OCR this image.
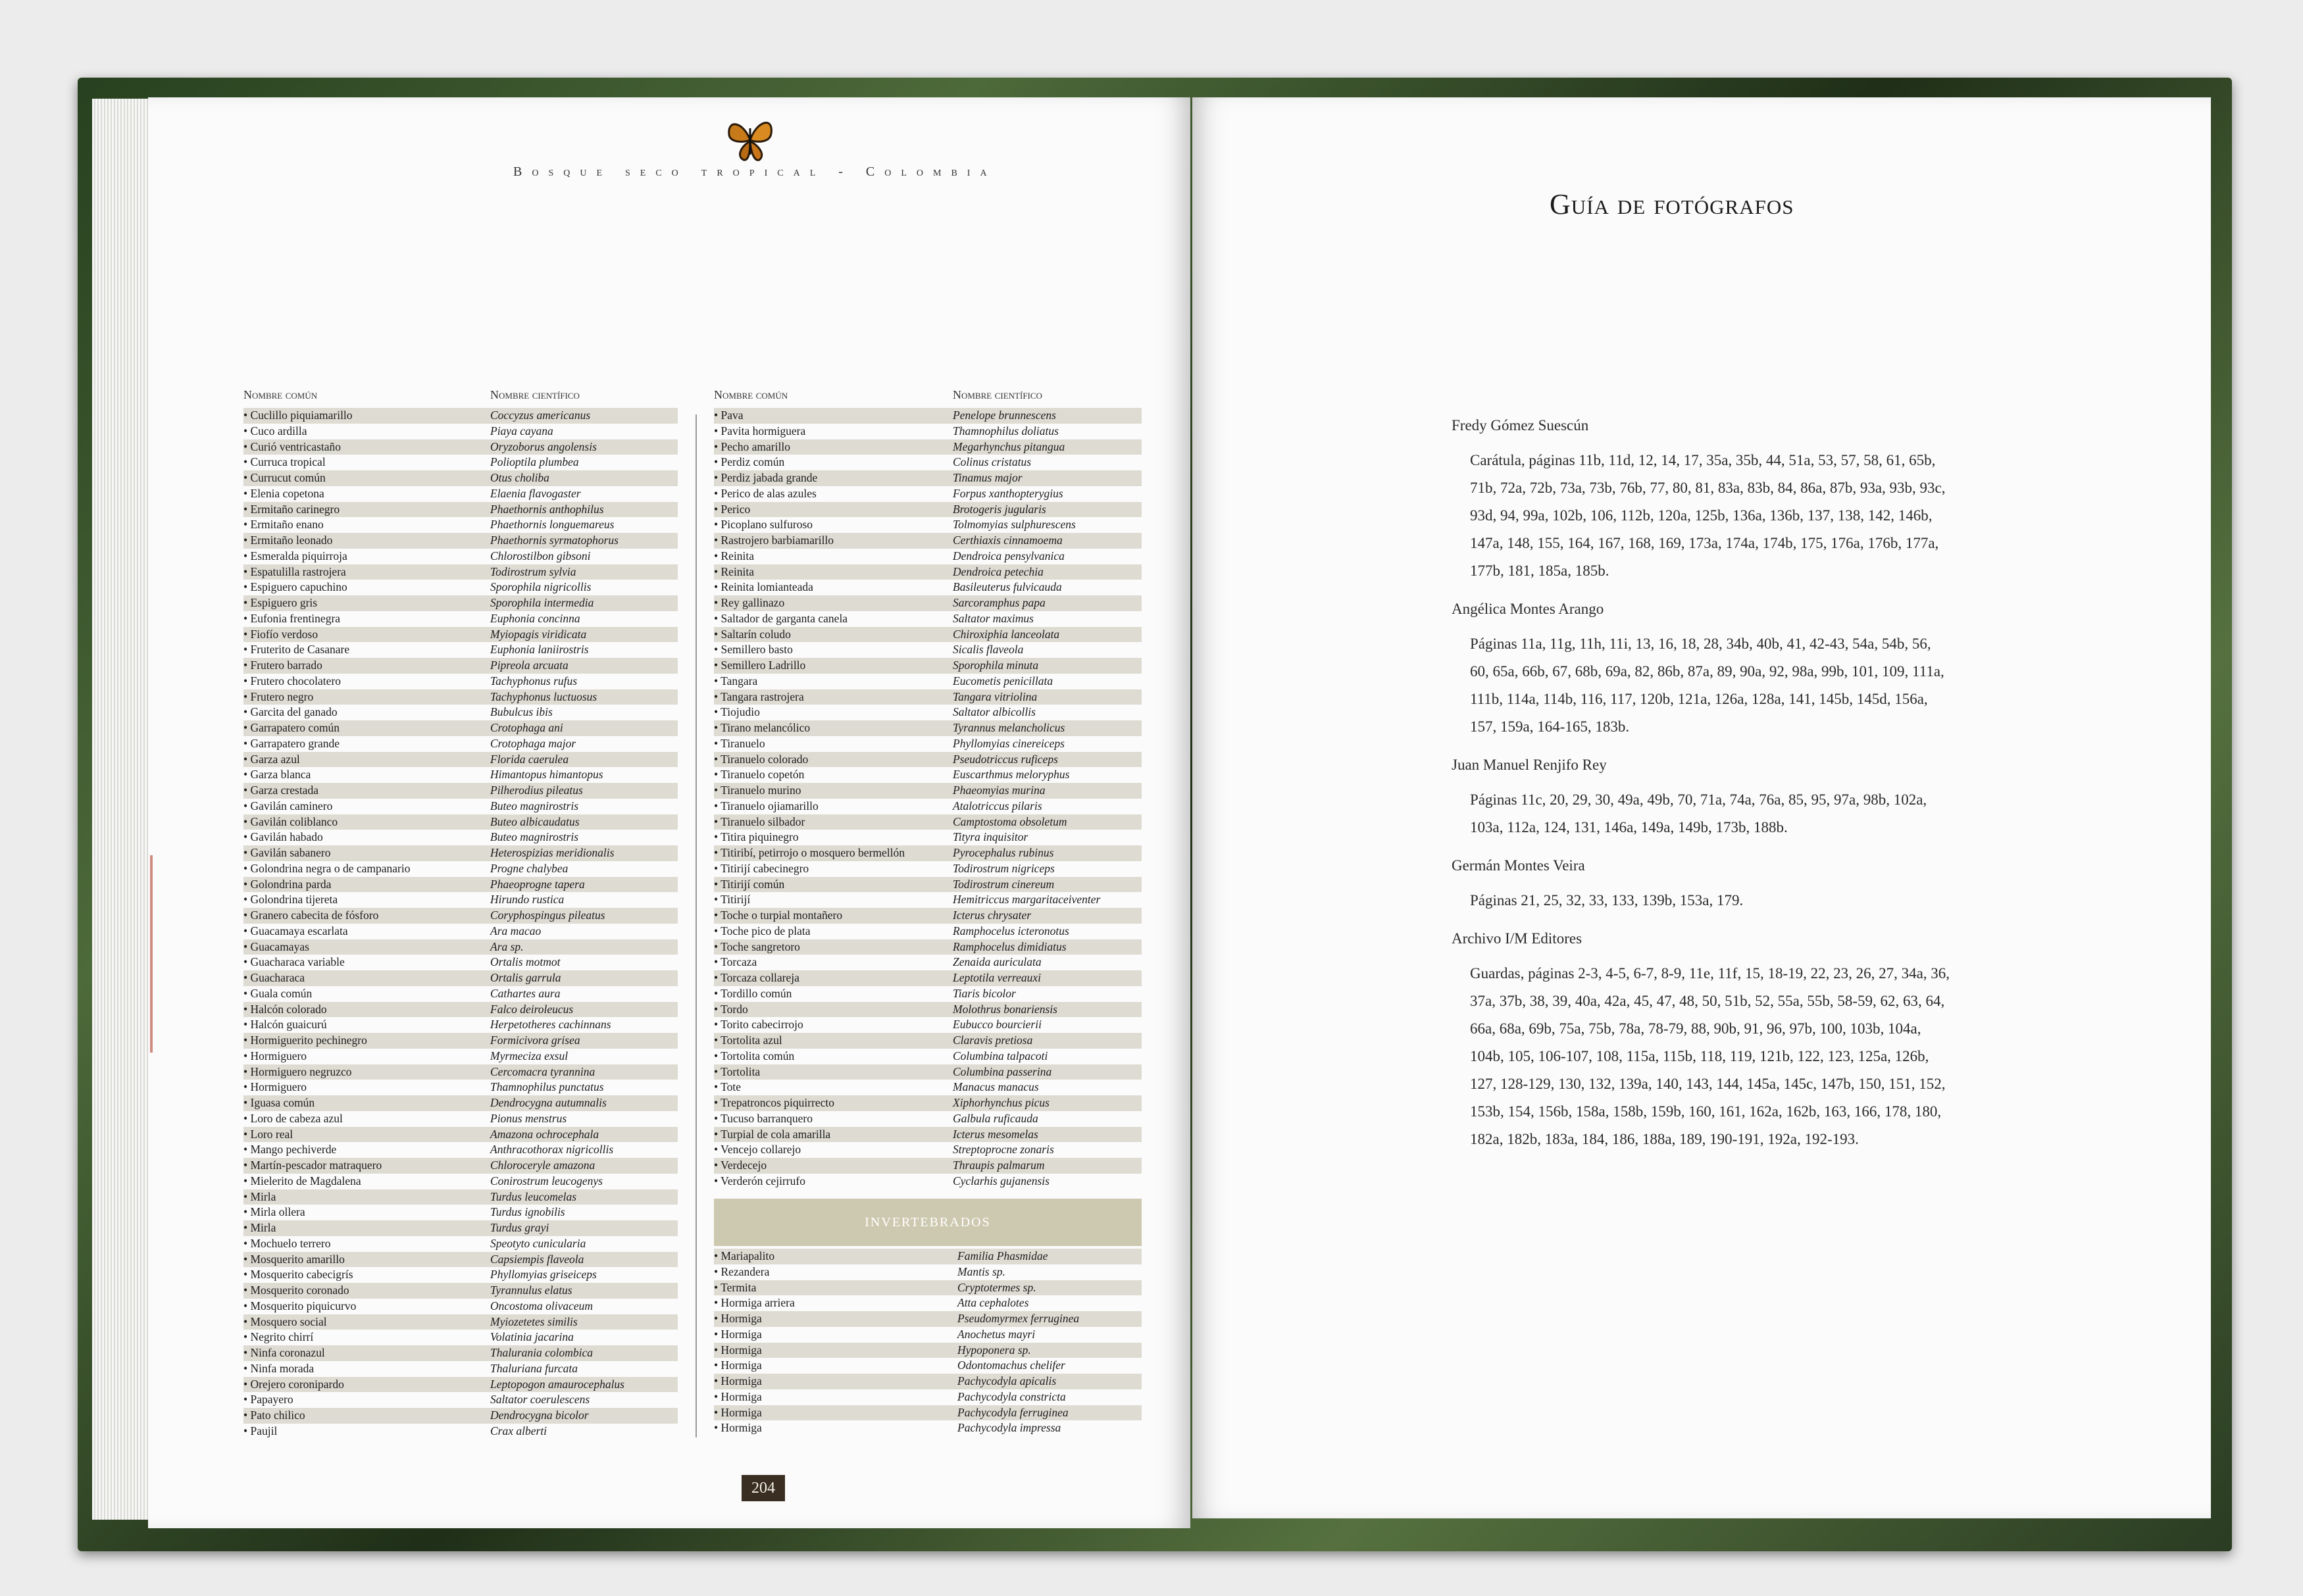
Bosque seco tropical - Colombia
Nombre común	Nombre científico
• Cuclillo piquiamarillo	Coccyzus americanus
• Cuco ardilla	Piaya cayana
• Curió ventricastaño	Oryzoborus angolensis
• Curruca tropical	Polioptila plumbea
• Currucut común	Otus choliba
• Elenia copetona	Elaenia flavogaster
• Ermitaño carinegro	Phaethornis anthophilus
• Ermitaño enano	Phaethornis longuemareus
• Ermitaño leonado	Phaethornis syrmatophorus
• Esmeralda piquirroja	Chlorostilbon gibsoni
• Espatulilla rastrojera	Todirostrum sylvia
• Espiguero capuchino	Sporophila nigricollis
• Espiguero gris	Sporophila intermedia
• Eufonia frentinegra	Euphonia concinna
• Fiofío verdoso	Myiopagis viridicata
• Fruterito de Casanare	Euphonia laniirostris
• Frutero barrado	Pipreola arcuata
• Frutero chocolatero	Tachyphonus rufus
• Frutero negro	Tachyphonus luctuosus
• Garcita del ganado	Bubulcus ibis
• Garrapatero común	Crotophaga ani
• Garrapatero grande	Crotophaga major
• Garza azul	Florida caerulea
• Garza blanca	Himantopus himantopus
• Garza crestada	Pilherodius pileatus
• Gavilán caminero	Buteo magnirostris
• Gavilán coliblanco	Buteo albicaudatus
• Gavilán habado	Buteo magnirostris
• Gavilán sabanero	Heterospizias meridionalis
• Golondrina negra o de campanario	Progne chalybea
• Golondrina parda	Phaeoprogne tapera
• Golondrina tijereta	Hirundo rustica
• Granero cabecita de fósforo	Coryphospingus pileatus
• Guacamaya escarlata	Ara macao
• Guacamayas	Ara sp.
• Guacharaca variable	Ortalis motmot
• Guacharaca	Ortalis garrula
• Guala común	Cathartes aura
• Halcón colorado	Falco deiroleucus
• Halcón guaicurú	Herpetotheres cachinnans
• Hormiguerito pechinegro	Formicivora grisea
• Hormiguero	Myrmeciza exsul
• Hormiguero negruzco	Cercomacra tyrannina
• Hormiguero	Thamnophilus punctatus
• Iguasa común	Dendrocygna autumnalis
• Loro de cabeza azul	Pionus menstrus
• Loro real	Amazona ochrocephala
• Mango pechiverde	Anthracothorax nigricollis
• Martín-pescador matraquero	Chloroceryle amazona
• Mielerito de Magdalena	Conirostrum leucogenys
• Mirla	Turdus leucomelas
• Mirla ollera	Turdus ignobilis
• Mirla	Turdus grayi
• Mochuelo terrero	Speotyto cunicularia
• Mosquerito amarillo	Capsiempis flaveola
• Mosquerito cabecigrís	Phyllomyias griseiceps
• Mosquerito coronado	Tyrannulus elatus
• Mosquerito piquicurvo	Oncostoma olivaceum
• Mosquero social	Myiozetetes similis
• Negrito chirrí	Volatinia jacarina
• Ninfa coronazul	Thalurania colombica
• Ninfa morada	Thaluriana furcata
• Orejero coronipardo	Leptopogon amaurocephalus
• Papayero	Saltator coerulescens
• Pato chilico	Dendrocygna bicolor
• Paujil	Crax alberti
Nombre común	Nombre científico
• Pava	Penelope brunnescens
• Pavita hormiguera	Thamnophilus doliatus
• Pecho amarillo	Megarhynchus pitangua
• Perdiz común	Colinus cristatus
• Perdiz jabada grande	Tinamus major
• Perico de alas azules	Forpus xanthopterygius
• Perico	Brotogeris jugularis
• Picoplano sulfuroso	Tolmomyias sulphurescens
• Rastrojero barbiamarillo	Certhiaxis cinnamoema
• Reinita	Dendroica pensylvanica
• Reinita	Dendroica petechia
• Reinita lomianteada	Basileuterus fulvicauda
• Rey gallinazo	Sarcoramphus papa
• Saltador de garganta canela	Saltator maximus
• Saltarín coludo	Chiroxiphia lanceolata
• Semillero basto	Sicalis flaveola
• Semillero Ladrillo	Sporophila minuta
• Tangara	Eucometis penicillata
• Tangara rastrojera	Tangara vitriolina
• Tiojudio	Saltator albicollis
• Tirano melancólico	Tyrannus melancholicus
• Tiranuelo	Phyllomyias cinereiceps
• Tiranuelo colorado	Pseudotriccus ruficeps
• Tiranuelo copetón	Euscarthmus meloryphus
• Tiranuelo murino	Phaeomyias murina
• Tiranuelo ojiamarillo	Atalotriccus pilaris
• Tiranuelo silbador	Camptostoma obsoletum
• Titira piquinegro	Tityra inquisitor
• Titiribí, petirrojo o mosquero bermellón	Pyrocephalus rubinus
• Titirijí cabecinegro	Todirostrum nigriceps
• Titirijí común	Todirostrum cinereum
• Titirijí	Hemitriccus margaritaceiventer
• Toche o turpial montañero	Icterus chrysater
• Toche pico de plata	Ramphocelus icteronotus
• Toche sangretoro	Ramphocelus dimidiatus
• Torcaza	Zenaida auriculata
• Torcaza collareja	Leptotila verreauxi
• Tordillo común	Tiaris bicolor
• Tordo	Molothrus bonariensis
• Torito cabecirrojo	Eubucco bourcierii
• Tortolita azul	Claravis pretiosa
• Tortolita común	Columbina talpacoti
• Tortolita	Columbina passerina
• Tote	Manacus manacus
• Trepatroncos piquirrecto	Xiphorhynchus picus
• Tucuso barranquero	Galbula ruficauda
• Turpial de cola amarilla	Icterus mesomelas
• Vencejo collarejo	Streptoprocne zonaris
• Verdecejo	Thraupis palmarum
• Verderón cejirrufo	Cyclarhis gujanensis
INVERTEBRADOS
• Mariapalito	Familia Phasmidae
• Rezandera	Mantis sp.
• Termita	Cryptotermes sp.
• Hormiga arriera	Atta cephalotes
• Hormiga	Pseudomyrmex ferruginea
• Hormiga	Anochetus mayri
• Hormiga	Hypoponera sp.
• Hormiga	Odontomachus chelifer
• Hormiga	Pachycodyla apicalis
• Hormiga	Pachycodyla constricta
• Hormiga	Pachycodyla ferruginea
• Hormiga	Pachycodyla impressa
204
Guía de fotógrafos
Fredy Gómez Suescún
Carátula, páginas 11b, 11d, 12, 14, 17, 35a, 35b, 44, 51a, 53, 57, 58, 61, 65b, 71b, 72a, 72b, 73a, 73b, 76b, 77, 80, 81, 83a, 83b, 84, 86a, 87b, 93a, 93b, 93c, 93d, 94, 99a, 102b, 106, 112b, 120a, 125b, 136a, 136b, 137, 138, 142, 146b, 147a, 148, 155, 164, 167, 168, 169, 173a, 174a, 174b, 175, 176a, 176b, 177a, 177b, 181, 185a, 185b.
Angélica Montes Arango
Páginas 11a, 11g, 11h, 11i, 13, 16, 18, 28, 34b, 40b, 41, 42-43, 54a, 54b, 56, 60, 65a, 66b, 67, 68b, 69a, 82, 86b, 87a, 89, 90a, 92, 98a, 99b, 101, 109, 111a, 111b, 114a, 114b, 116, 117, 120b, 121a, 126a, 128a, 141, 145b, 145d, 156a, 157, 159a, 164-165, 183b.
Juan Manuel Renjifo Rey
Páginas 11c, 20, 29, 30, 49a, 49b, 70, 71a, 74a, 76a, 85, 95, 97a, 98b, 102a, 103a, 112a, 124, 131, 146a, 149a, 149b, 173b, 188b.
Germán Montes Veira
Páginas 21, 25, 32, 33, 133, 139b, 153a, 179.
Archivo I/M Editores
Guardas, páginas 2-3, 4-5, 6-7, 8-9, 11e, 11f, 15, 18-19, 22, 23, 26, 27, 34a, 36, 37a, 37b, 38, 39, 40a, 42a, 45, 47, 48, 50, 51b, 52, 55a, 55b, 58-59, 62, 63, 64, 66a, 68a, 69b, 75a, 75b, 78a, 78-79, 88, 90b, 91, 96, 97b, 100, 103b, 104a, 104b, 105, 106-107, 108, 115a, 115b, 118, 119, 121b, 122, 123, 125a, 126b, 127, 128-129, 130, 132, 139a, 140, 143, 144, 145a, 145c, 147b, 150, 151, 152, 153b, 154, 156b, 158a, 158b, 159b, 160, 161, 162a, 162b, 163, 166, 178, 180, 182a, 182b, 183a, 184, 186, 188a, 189, 190-191, 192a, 192-193.
